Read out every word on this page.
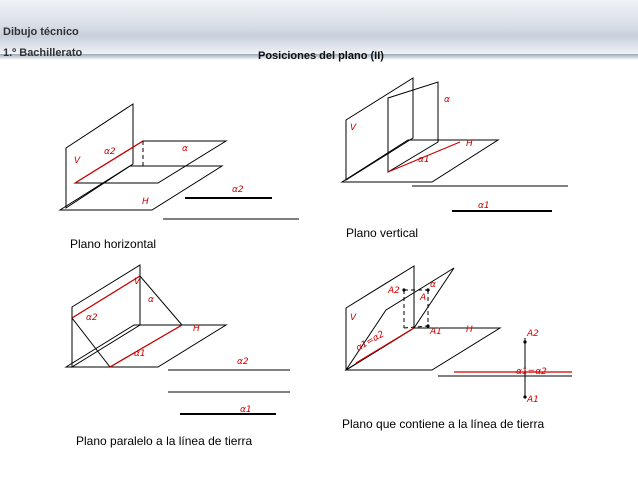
Dibujo técnico
1.º Bachillerato	Posiciones del plano (II)
V
H
α
α2
α2
V
H
α
α1
α1
V
H
α
α2
α1
α2
α1
V
H
α
A
A2
A1
α1=α2	A2
α1=α2
A1
Plano horizontal
Plano vertical
Plano paralelo a la línea de tierra
Plano que contiene a la línea de tierra
